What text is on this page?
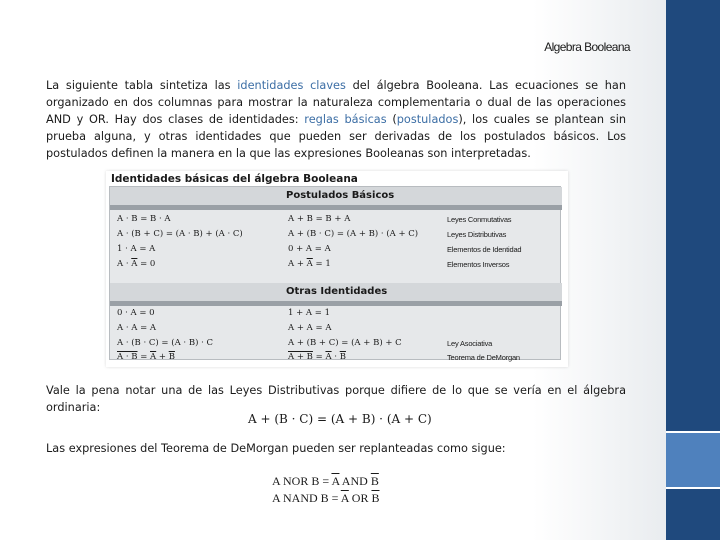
Algebra Booleana

La siguiente tabla sintetiza las identidades claves del álgebra Booleana. Las ecuaciones se han organizado en dos columnas para mostrar la naturaleza complementaria o dual de las operaciones AND y OR. Hay dos clases de identidades: reglas básicas (postulados), los cuales se plantean sin prueba alguna, y otras identidades que pueden ser derivadas de los postulados básicos. Los postulados definen la manera en la que las expresiones Booleanas son interpretadas.

Identidades básicas del álgebra Booleana
Postulados Básicos
A · B = B · A	A + B = B + A	Leyes Conmutativas
A · (B + C) = (A · B) + (A · C)	A + (B · C) = (A + B) · (A + C)	Leyes Distributivas
1 · A = A	0 + A = A	Elementos de Identidad
$A \cdot \overline{A} = 0$	$A + \overline{A} = 1$	Elementos Inversos
Otras Identidades
0 · A = 0	1 + A = 1
A · A = A	A + A = A
A · (B · C) = (A · B) · C	A + (B + C) = (A + B) + C	Ley Asociativa
$A \cdot B = \overline{A} + \overline{B}$	$A + B = \overline{A} \cdot \overline{B}$	Teorema de DeMorgan

Vale la pena notar una de las Leyes Distributivas porque difiere de lo que se vería en el álgebra ordinaria:

A + (B · C) = (A + B) · (A + C)

Las expresiones del Teorema de DeMorgan pueden ser replanteadas como sigue:

A NOR $B = \overline{A}$ AND $\overline{B}$
A NAND $B = \overline{A}$ OR $\overline{B}$
